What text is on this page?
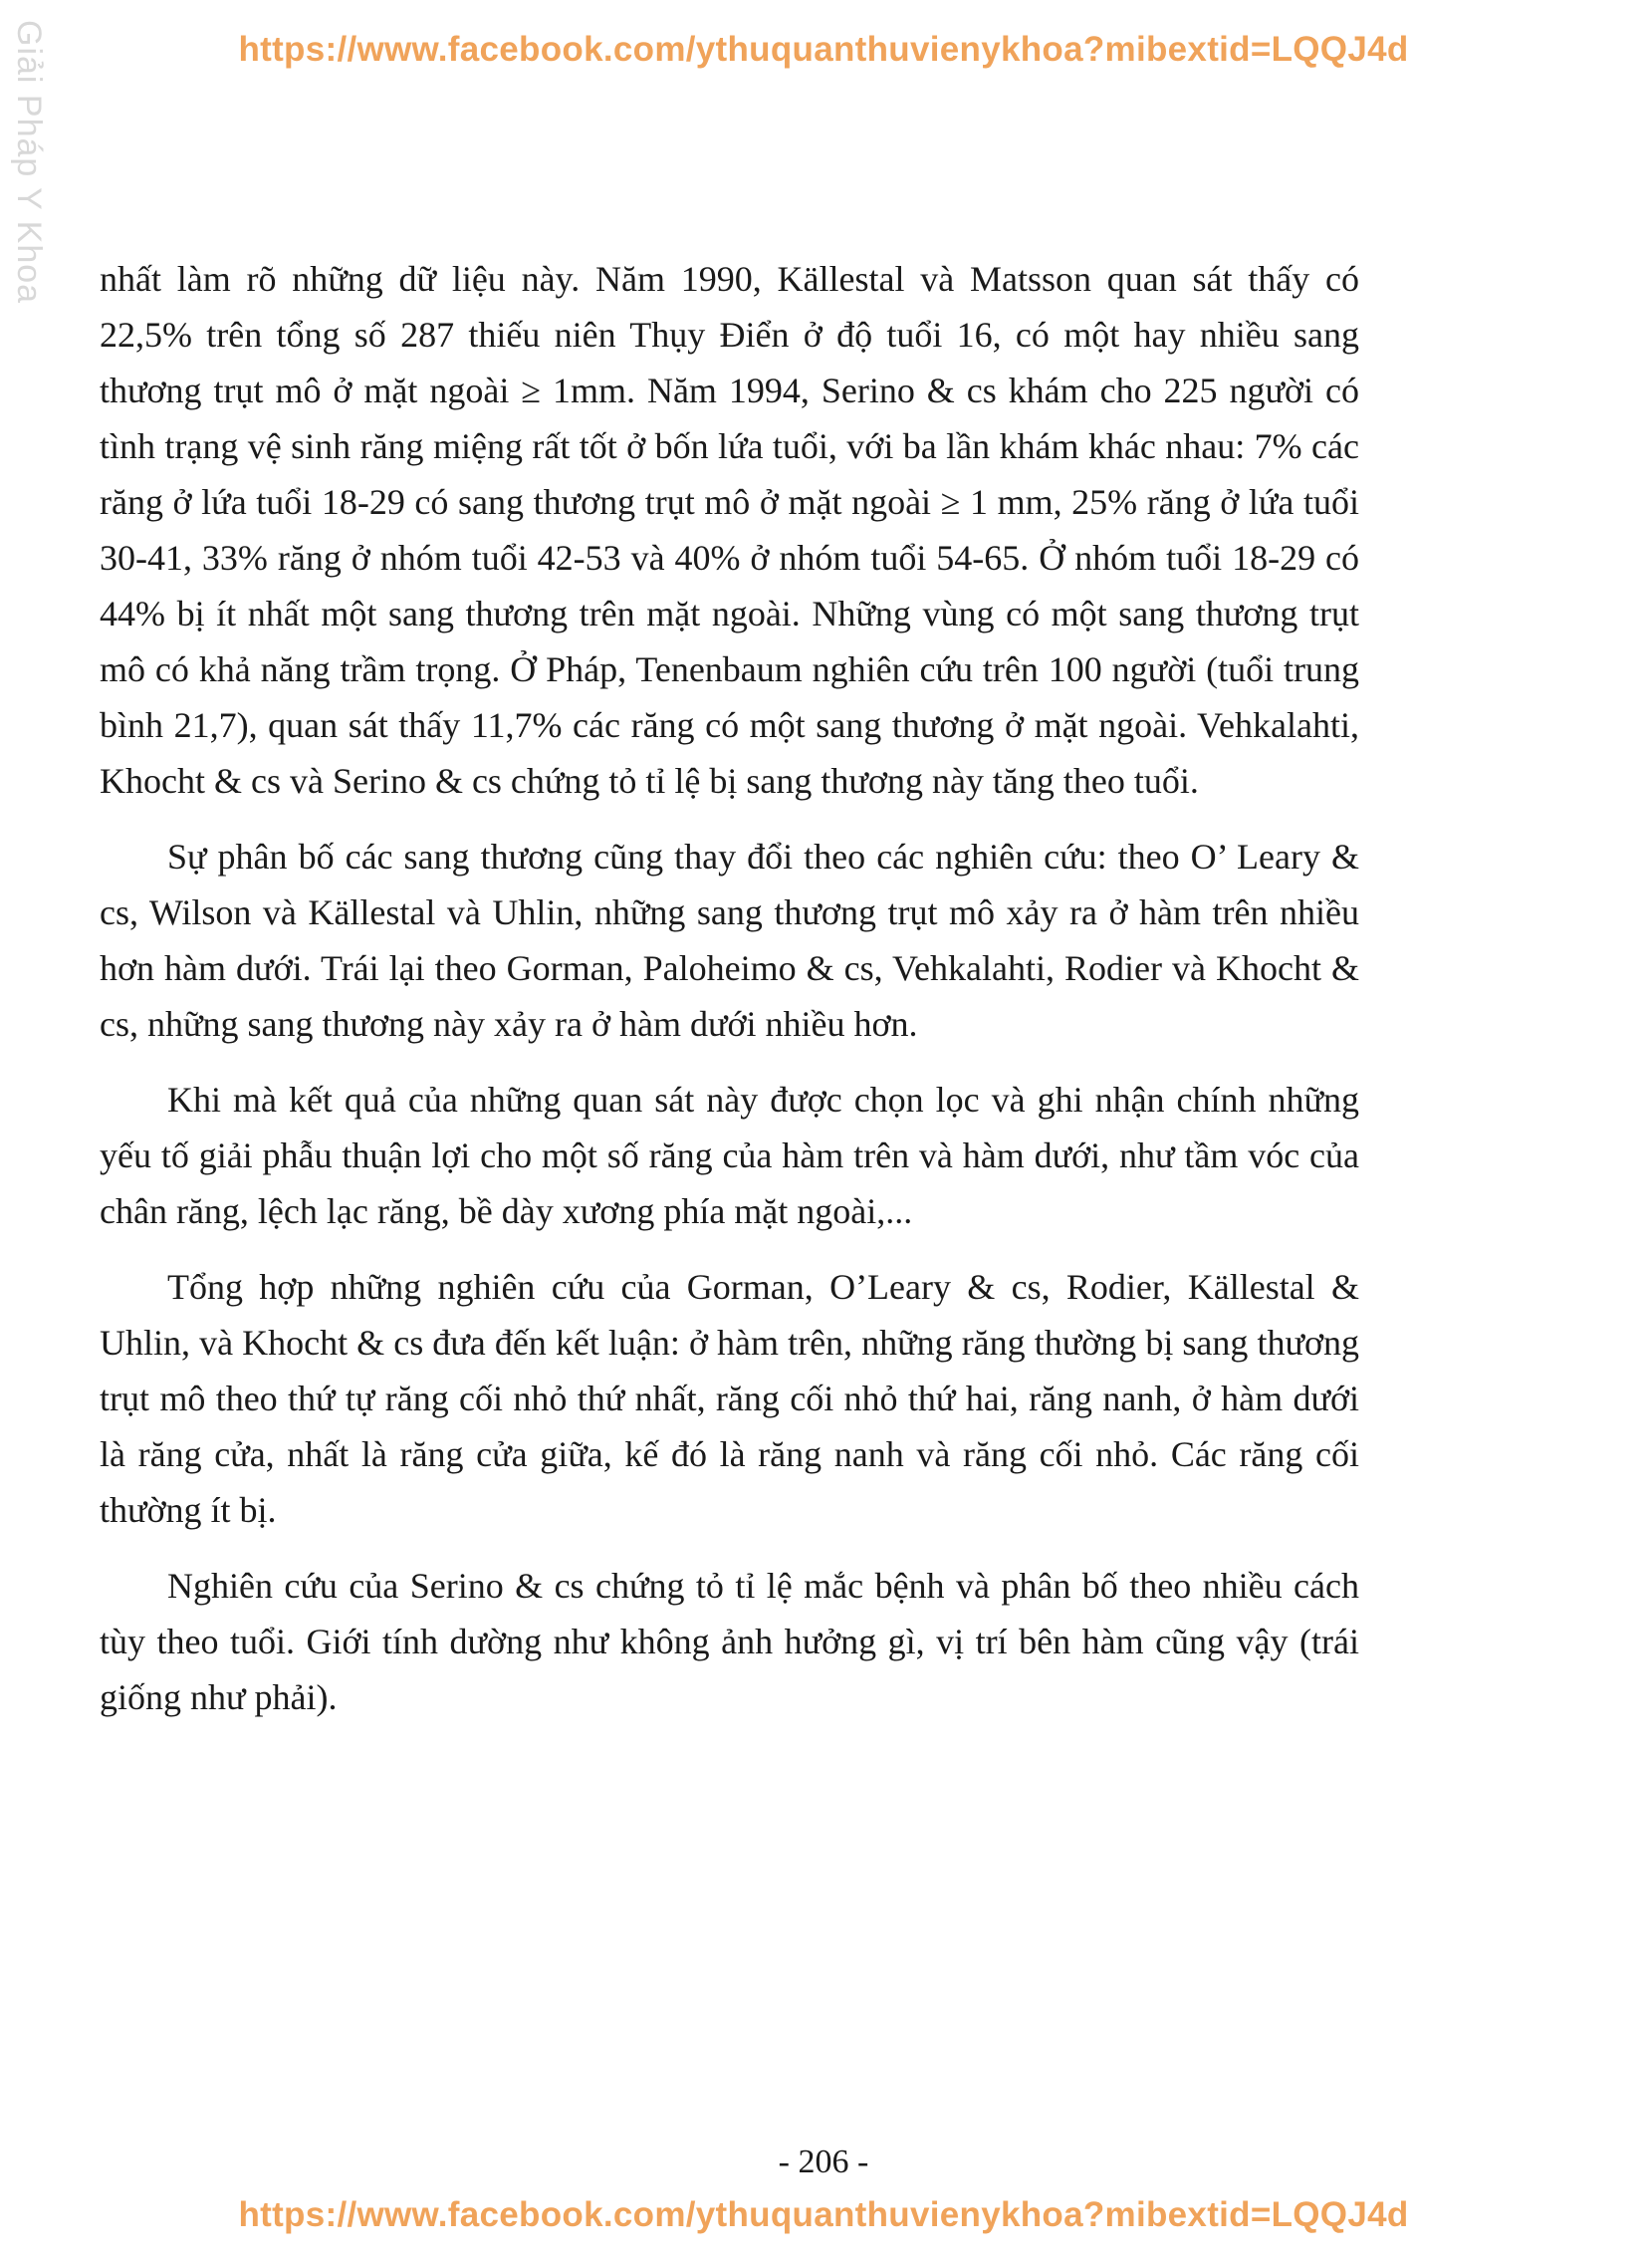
https://www.facebook.com/ythuquanthuvienykhoa?mibextid=LQQJ4d
Giải Pháp Y Khoa nhất làm rõ những dữ liệu này. Năm 1990, Källestal và Matsson quan sát thấy có 22,5% trên tổng số 287 thiếu niên Thụy Điển ở độ tuổi 16, có một hay nhiều sang thương trụt mô ở mặt ngoài ≥ 1mm. Năm 1994, Serino & cs khám cho 225 người có tình trạng vệ sinh răng miệng rất tốt ở bốn lứa tuổi, với ba lần khám khác nhau: 7% các răng ở lứa tuổi 18-29 có sang thương trụt mô ở mặt ngoài ≥ 1 mm, 25% răng ở lứa tuổi 30-41, 33% răng ở nhóm tuổi 42-53 và 40% ở nhóm tuổi 54-65. Ở nhóm tuổi 18-29 có 44% bị ít nhất một sang thương trên mặt ngoài. Những vùng có một sang thương trụt mô có khả năng trầm trọng. Ở Pháp, Tenenbaum nghiên cứu trên 100 người (tuổi trung bình 21,7), quan sát thấy 11,7% các răng có một sang thương ở mặt ngoài. Vehkalahti, Khocht & cs và Serino & cs chứng tỏ tỉ lệ bị sang thương này tăng theo tuổi.

Sự phân bố các sang thương cũng thay đổi theo các nghiên cứu: theo O’ Leary & cs, Wilson và Källestal và Uhlin, những sang thương trụt mô xảy ra ở hàm trên nhiều hơn hàm dưới. Trái lại theo Gorman, Paloheimo & cs, Vehkalahti, Rodier và Khocht & cs, những sang thương này xảy ra ở hàm dưới nhiều hơn.

Khi mà kết quả của những quan sát này được chọn lọc và ghi nhận chính những yếu tố giải phẫu thuận lợi cho một số răng của hàm trên và hàm dưới, như tầm vóc của chân răng, lệch lạc răng, bề dày xương phía mặt ngoài,...

Tổng hợp những nghiên cứu của Gorman, O’Leary & cs, Rodier, Källestal & Uhlin, và Khocht & cs đưa đến kết luận: ở hàm trên, những răng thường bị sang thương trụt mô theo thứ tự răng cối nhỏ thứ nhất, răng cối nhỏ thứ hai, răng nanh, ở hàm dưới là răng cửa, nhất là răng cửa giữa, kế đó là răng nanh và răng cối nhỏ. Các răng cối thường ít bị.

Nghiên cứu của Serino & cs chứng tỏ tỉ lệ mắc bệnh và phân bố theo nhiều cách tùy theo tuổi. Giới tính dường như không ảnh hưởng gì, vị trí bên hàm cũng vậy (trái giống như phải).

- 206 -
https://www.facebook.com/ythuquanthuvienykhoa?mibextid=LQQJ4d
